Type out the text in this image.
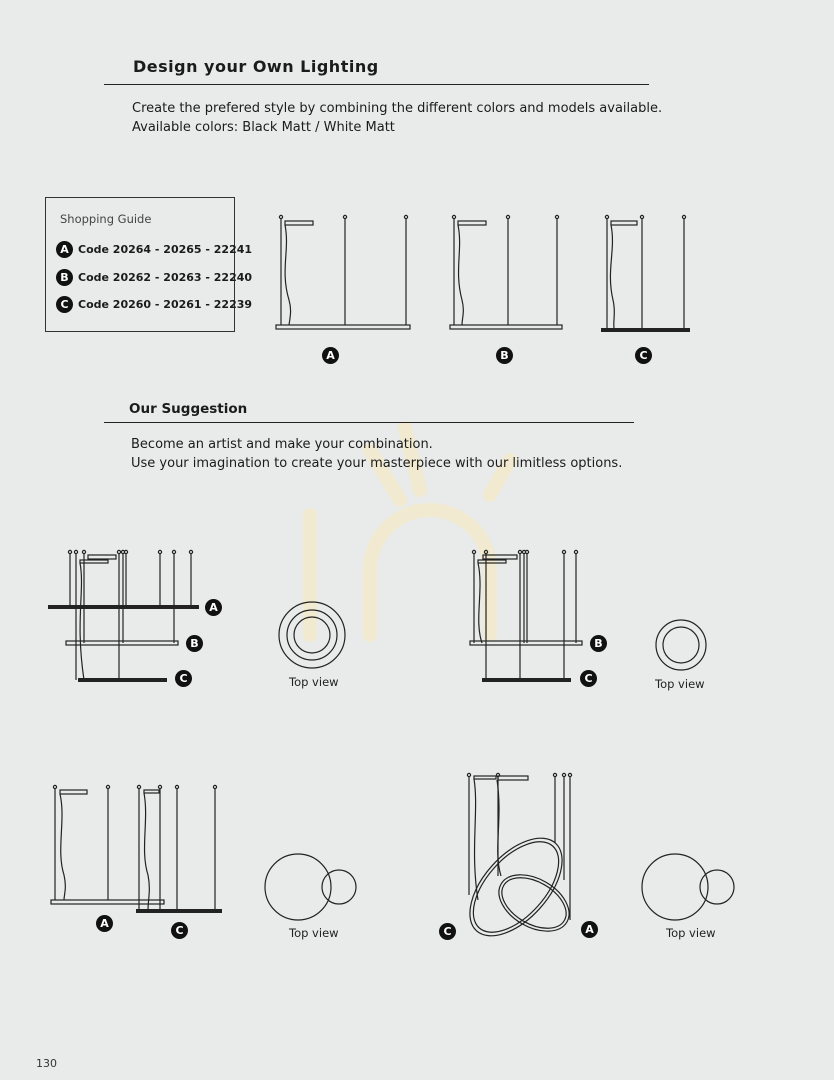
Design your Own Lighting
Create the prefered style by combining the different colors and models available.
Available colors: Black Matt / White Matt
Shopping Guide
A Code 20264 - 20265 - 22241
B Code 20262 - 20263 - 22240
C Code 20260 - 20261 - 22239
A	B	C
Our Suggestion
Become an artist and make your combination.
Use your imagination to create your masterpiece with our limitless options.
A
B
C	Top view
B
C	Top view
A
C	Top view	C	A	Top view
130
